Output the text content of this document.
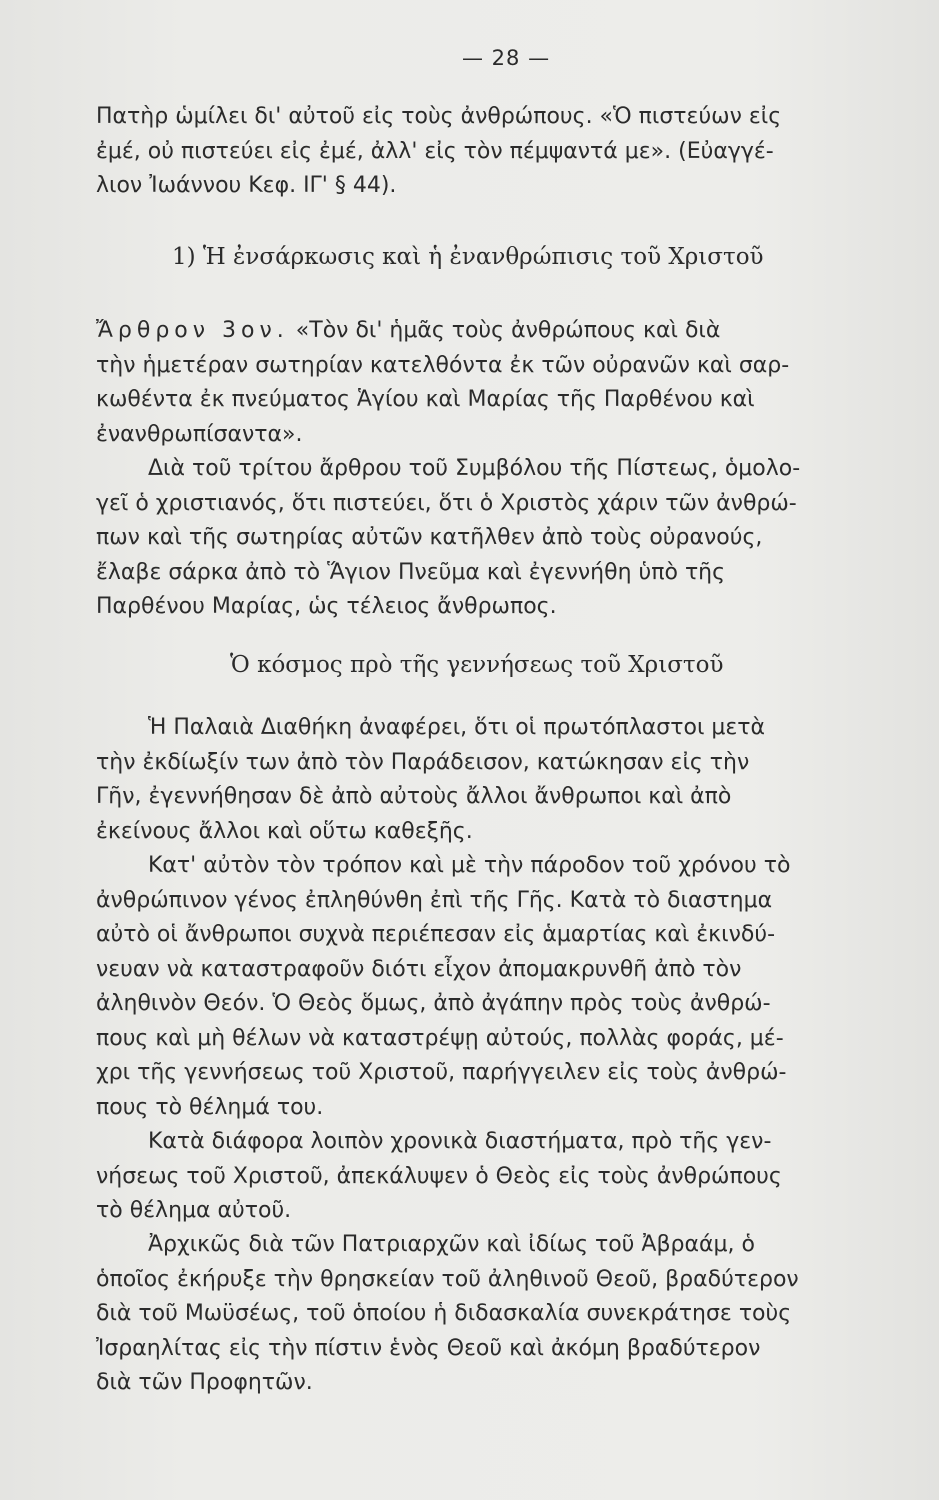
— 28 —
Πατὴρ ὡμίλει δι' αὐτοῦ εἰς τοὺς ἀνθρώπους. «Ὁ πιστεύων εἰς
ἐμέ, οὐ πιστεύει εἰς ἐμέ, ἀλλ' εἰς τὸν πέμψαντά με». (Εὐαγγέ-
λιον Ἰωάννου Κεφ. ΙΓ' § 44).
1) Ἡ ἐνσάρκωσις καὶ ἡ ἐνανθρώπισις τοῦ Χριστοῦ
Ἄρθρον 3ον. «Τὸν δι' ἡμᾶς τοὺς ἀνθρώπους καὶ διὰ
τὴν ἡμετέραν σωτηρίαν κατελθόντα ἐκ τῶν οὐρανῶν καὶ σαρ-
κωθέντα ἐκ πνεύματος Ἁγίου καὶ Μαρίας τῆς Παρθένου καὶ
ἐνανθρωπίσαντα».
Διὰ τοῦ τρίτου ἄρθρου τοῦ Συμβόλου τῆς Πίστεως, ὁμολο-
γεῖ ὁ χριστιανός, ὅτι πιστεύει, ὅτι ὁ Χριστὸς χάριν τῶν ἀνθρώ-
πων καὶ τῆς σωτηρίας αὐτῶν κατῆλθεν ἀπὸ τοὺς οὐρανούς,
ἔλαβε σάρκα ἀπὸ τὸ Ἅγιον Πνεῦμα καὶ ἐγεννήθη ὑπὸ τῆς
Παρθένου Μαρίας, ὡς τέλειος ἄνθρωπος.
Ὁ κόσμος πρὸ τῆς γεννήσεως τοῦ Χριστοῦ
Ἡ Παλαιὰ Διαθήκη ἀναφέρει, ὅτι οἱ πρωτόπλαστοι μετὰ
τὴν ἐκδίωξίν των ἀπὸ τὸν Παράδεισον, κατώκησαν εἰς τὴν
Γῆν, ἐγεννήθησαν δὲ ἀπὸ αὐτοὺς ἄλλοι ἄνθρωποι καὶ ἀπὸ
ἐκείνους ἄλλοι καὶ οὕτω καθεξῆς.
Κατ' αὐτὸν τὸν τρόπον καὶ μὲ τὴν πάροδον τοῦ χρόνου τὸ
ἀνθρώπινον γένος ἐπληθύνθη ἐπὶ τῆς Γῆς. Κατὰ τὸ διαστημα
αὐτὸ οἱ ἄνθρωποι συχνὰ περιέπεσαν εἰς ἁμαρτίας καὶ ἐκινδύ-
νευαν νὰ καταστραφοῦν διότι εἶχον ἀπομακρυνθῆ ἀπὸ τὸν
ἀληθινὸν Θεόν. Ὁ Θεὸς ὅμως, ἀπὸ ἀγάπην πρὸς τοὺς ἀνθρώ-
πους καὶ μὴ θέλων νὰ καταστρέψῃ αὐτούς, πολλὰς φοράς, μέ-
χρι τῆς γεννήσεως τοῦ Χριστοῦ, παρήγγειλεν εἰς τοὺς ἀνθρώ-
πους τὸ θέλημά του.
Κατὰ διάφορα λοιπὸν χρονικὰ διαστήματα, πρὸ τῆς γεν-
νήσεως τοῦ Χριστοῦ, ἀπεκάλυψεν ὁ Θεὸς εἰς τοὺς ἀνθρώπους
τὸ θέλημα αὐτοῦ.
Ἀρχικῶς διὰ τῶν Πατριαρχῶν καὶ ἰδίως τοῦ Ἀβραάμ, ὁ
ὁποῖος ἐκήρυξε τὴν θρησκείαν τοῦ ἀληθινοῦ Θεοῦ, βραδύτερον
διὰ τοῦ Μωϋσέως, τοῦ ὁποίου ἡ διδασκαλία συνεκράτησε τοὺς
Ἰσραηλίτας εἰς τὴν πίστιν ἑνὸς Θεοῦ καὶ ἀκόμη βραδύτερον
διὰ τῶν Προφητῶν.
